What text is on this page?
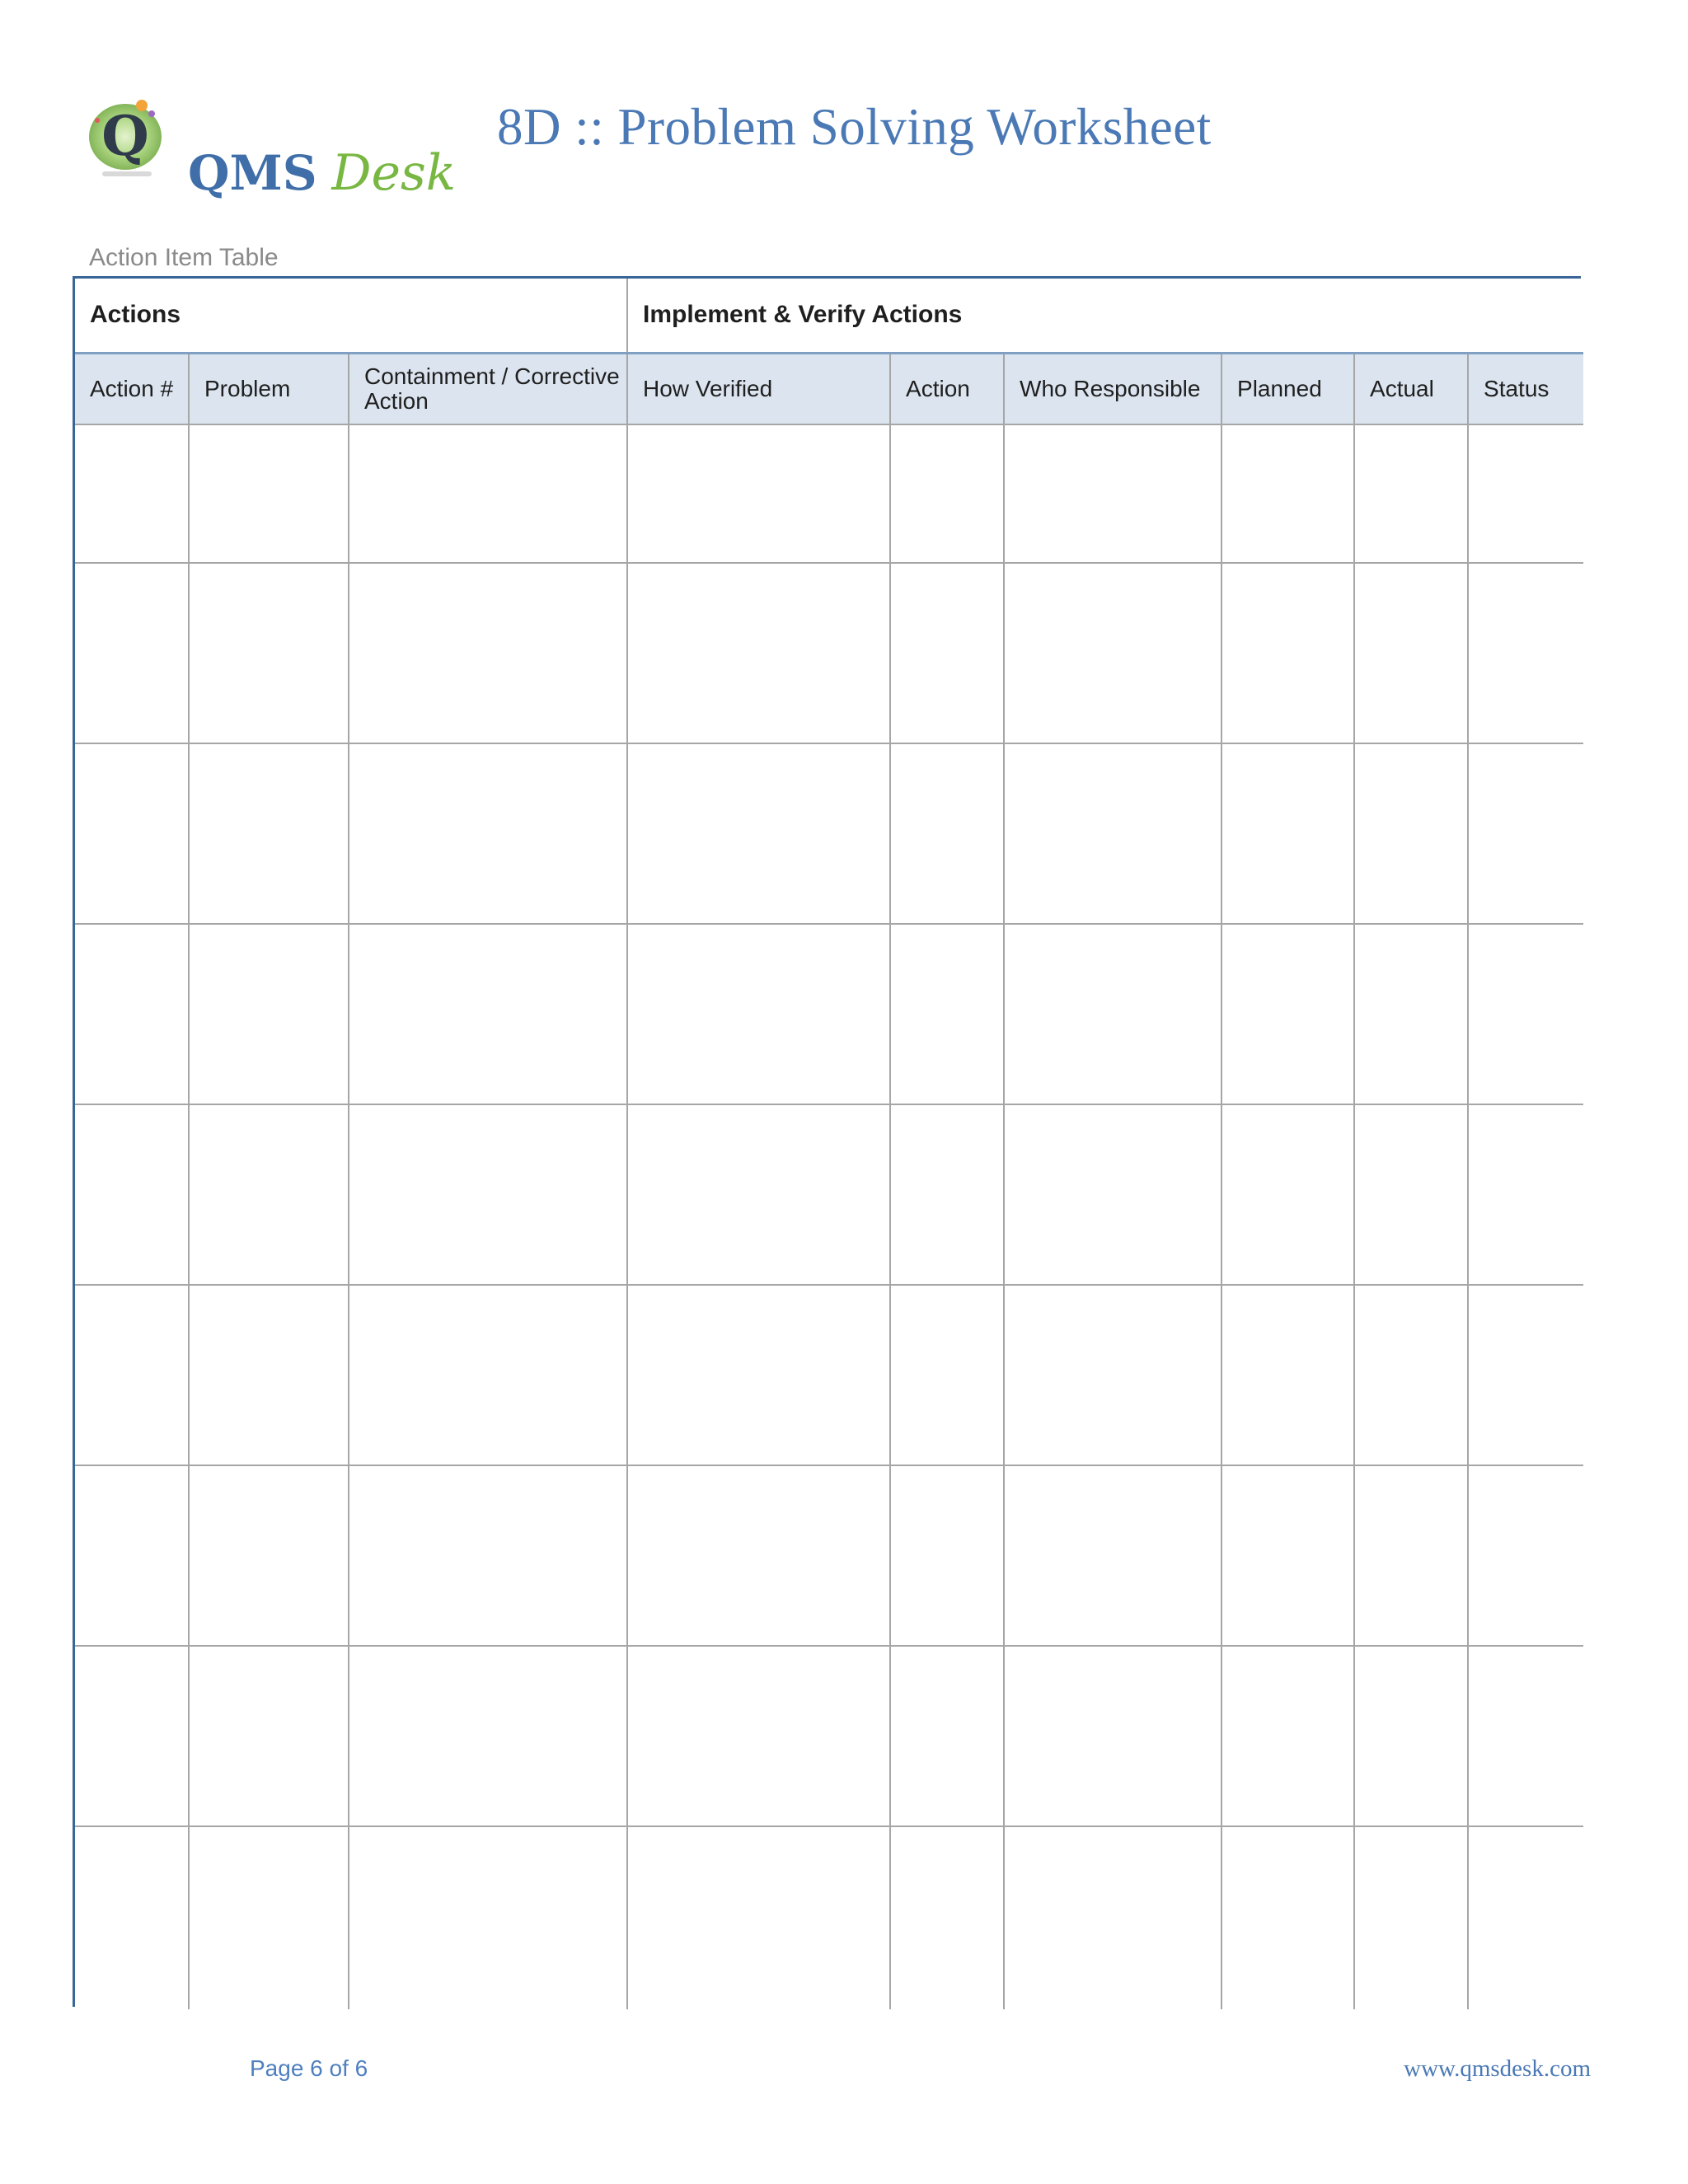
Q
QMS Desk
8D :: Problem Solving Worksheet
Action Item Table
Actions			Implement & Verify Actions					
Action #	Problem	Containment / Corrective Action	How Verified	Action	Who Responsible	Planned	Actual	Status

Page 6 of 6	www.qmsdesk.com
